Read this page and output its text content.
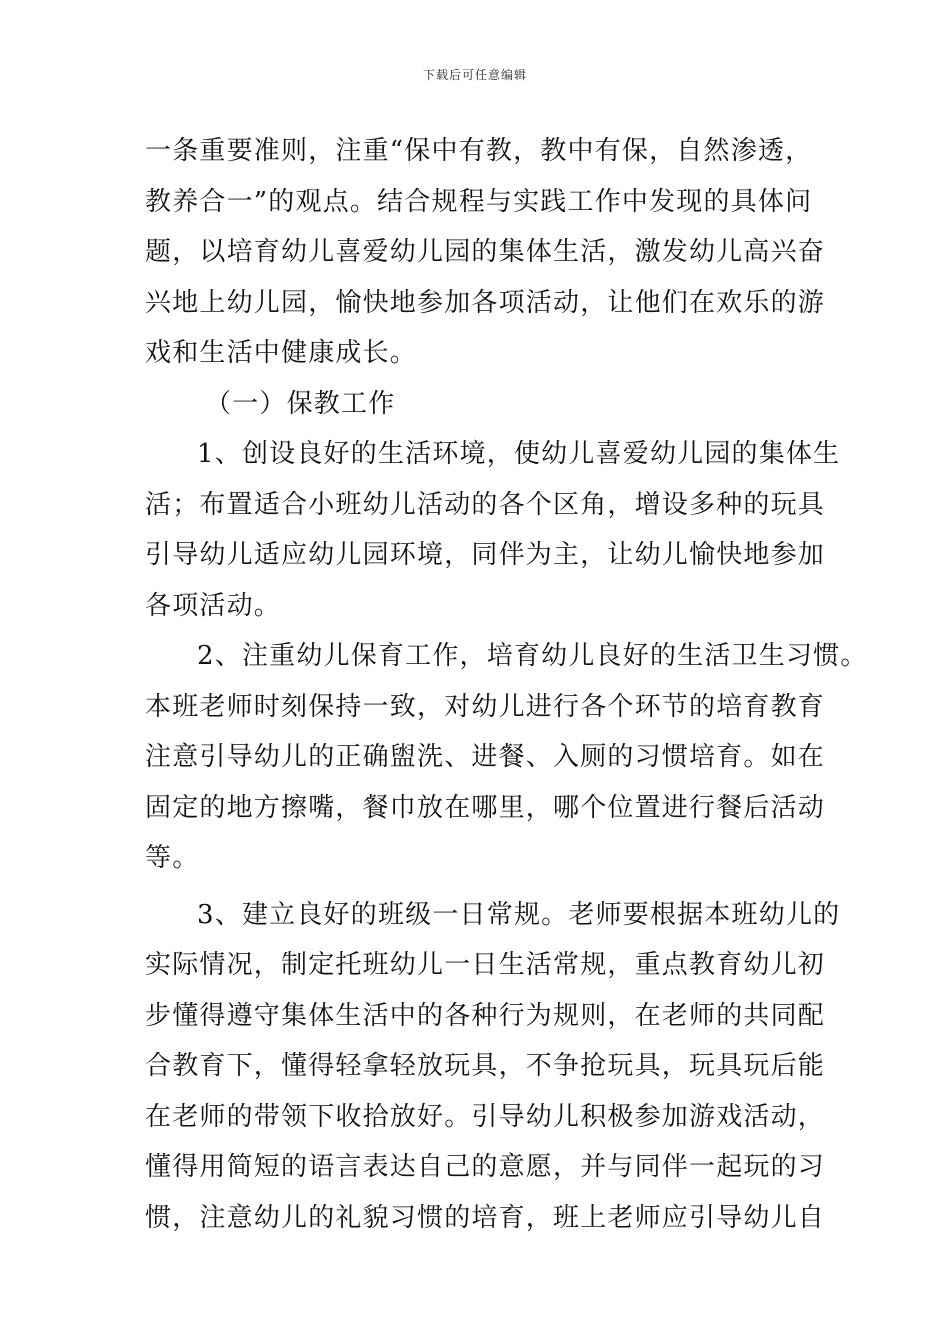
下载后可任意编辑
一条重要准则，注重“保中有教，教中有保，自然渗透，
教养合一”的观点。结合规程与实践工作中发现的具体问
题，以培育幼儿喜爱幼儿园的集体生活，激发幼儿高兴奋
兴地上幼儿园，愉快地参加各项活动，让他们在欢乐的游
戏和生活中健康成长。
（一）保教工作
1、创设良好的生活环境，使幼儿喜爱幼儿园的集体生
活；布置适合小班幼儿活动的各个区角，增设多种的玩具
引导幼儿适应幼儿园环境，同伴为主，让幼儿愉快地参加
各项活动。
2、注重幼儿保育工作，培育幼儿良好的生活卫生习惯。
本班老师时刻保持一致，对幼儿进行各个环节的培育教育
注意引导幼儿的正确盥洗、进餐、入厕的习惯培育。如在
固定的地方擦嘴，餐巾放在哪里，哪个位置进行餐后活动
等。
3、建立良好的班级一日常规。老师要根据本班幼儿的
实际情况，制定托班幼儿一日生活常规，重点教育幼儿初
步懂得遵守集体生活中的各种行为规则，在老师的共同配
合教育下，懂得轻拿轻放玩具，不争抢玩具，玩具玩后能
在老师的带领下收拾放好。引导幼儿积极参加游戏活动，
懂得用简短的语言表达自己的意愿，并与同伴一起玩的习
惯，注意幼儿的礼貌习惯的培育，班上老师应引导幼儿自
